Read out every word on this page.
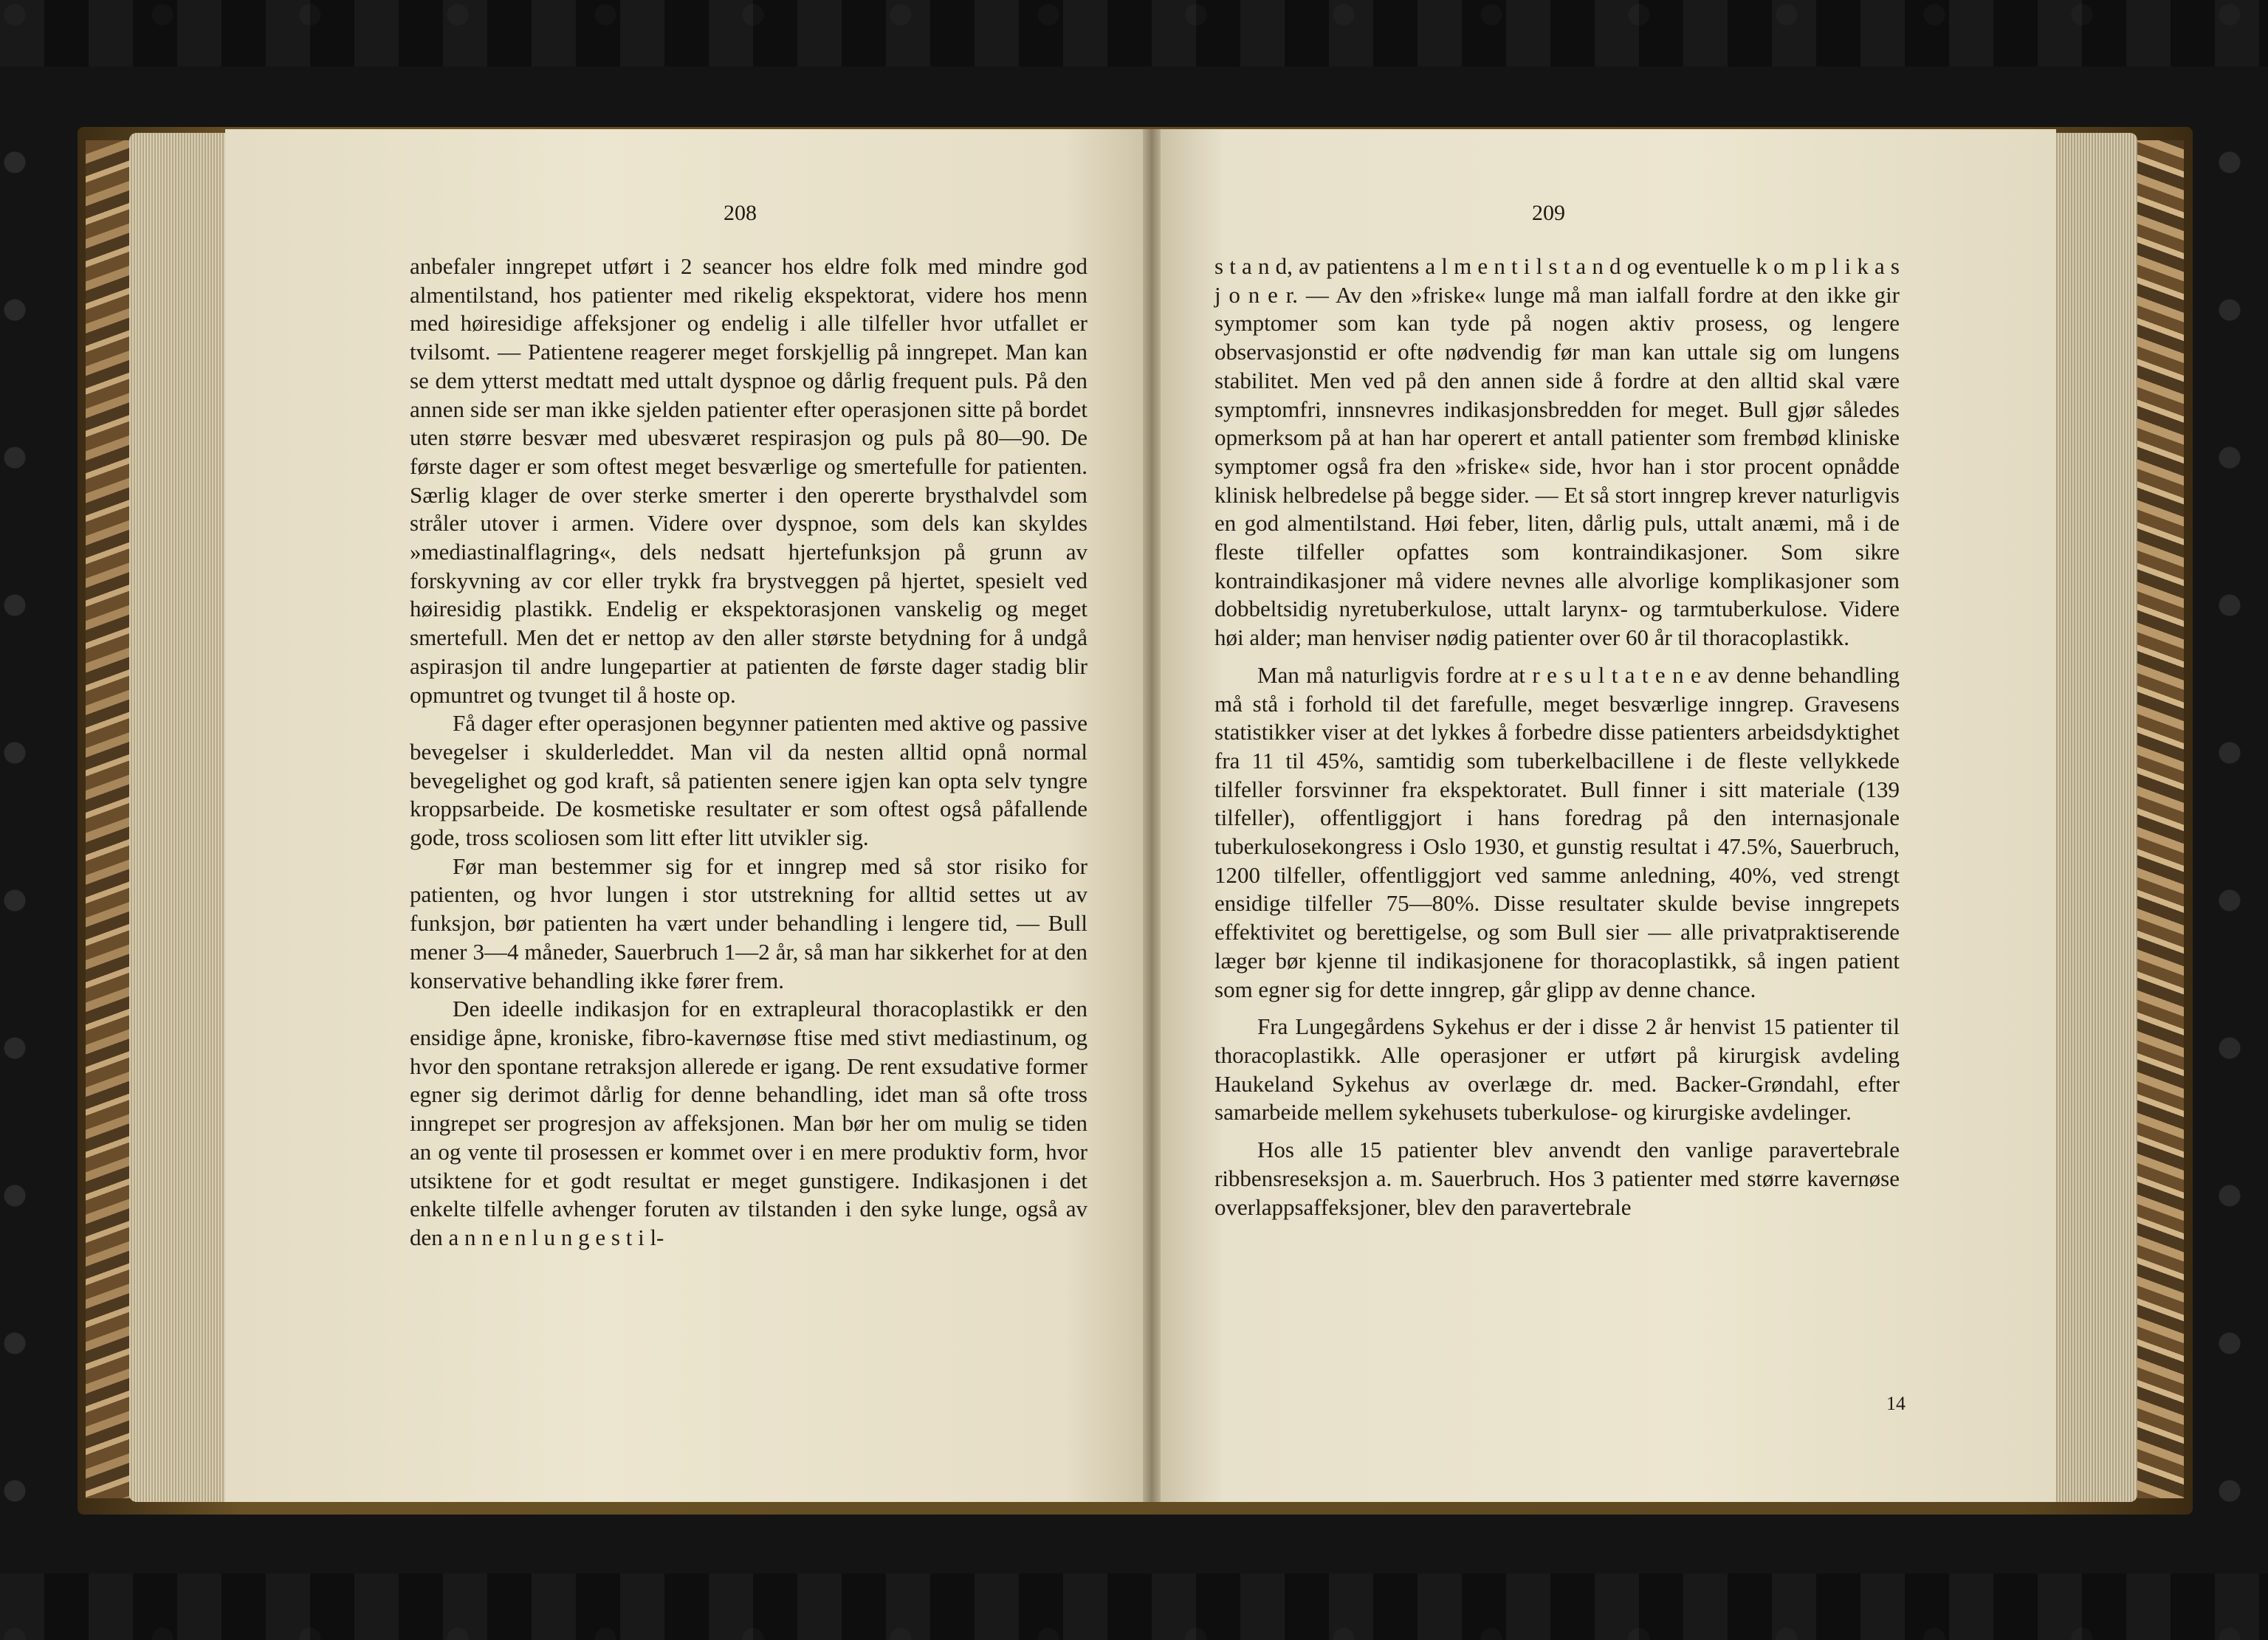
208	209

anbefaler inngrepet utført i 2 seancer hos eldre folk med mindre god almentilstand, hos patienter med rikelig ekspektorat, videre hos menn med høiresidige affeksjoner og endelig i alle tilfeller hvor utfallet er tvilsomt. — Patientene reagerer meget forskjellig på inngrepet. Man kan se dem ytterst medtatt med uttalt dyspnoe og dårlig frequent puls. På den annen side ser man ikke sjelden patienter efter operasjonen sitte på bordet uten større besvær med ubesværet respirasjon og puls på 80—90. De første dager er som oftest meget besværlige og smertefulle for patienten. Særlig klager de over sterke smerter i den opererte brysthalvdel som stråler utover i armen. Videre over dyspnoe, som dels kan skyldes »mediastinalflagring«, dels nedsatt hjertefunksjon på grunn av forskyvning av cor eller trykk fra brystveggen på hjertet, spesielt ved høiresidig plastikk. Endelig er ekspektorasjonen vanskelig og meget smertefull. Men det er nettop av den aller største betydning for å undgå aspirasjon til andre lungepartier at patienten de første dager stadig blir opmuntret og tvunget til å hoste op.

Få dager efter operasjonen begynner patienten med aktive og passive bevegelser i skulderleddet. Man vil da nesten alltid opnå normal bevegelighet og god kraft, så patienten senere igjen kan opta selv tyngre kroppsarbeide. De kosmetiske resultater er som oftest også påfallende gode, tross scoliosen som litt efter litt utvikler sig.

Før man bestemmer sig for et inngrep med så stor risiko for patienten, og hvor lungen i stor utstrekning for alltid settes ut av funksjon, bør patienten ha vært under behandling i lengere tid, — Bull mener 3—4 måneder, Sauerbruch 1—2 år, så man har sikkerhet for at den konservative behandling ikke fører frem.

Den ideelle indikasjon for en extrapleural thoracoplastikk er den ensidige åpne, kroniske, fibro-kavernøse ftise med stivt mediastinum, og hvor den spontane retraksjon allerede er igang. De rent exsudative former egner sig derimot dårlig for denne behandling, idet man så ofte tross inngrepet ser progresjon av affeksjonen. Man bør her om mulig se tiden an og vente til prosessen er kommet over i en mere produktiv form, hvor utsiktene for et godt resultat er meget gunstigere. Indikasjonen i det enkelte tilfelle avhenger foruten av tilstanden i den syke lunge, også av den a n n e n l u n g e s t i l-

s t a n d, av patientens a l m e n t i l s t a n d og eventuelle k o m p l i k a s j o n e r. — Av den »friske« lunge må man ialfall fordre at den ikke gir symptomer som kan tyde på nogen aktiv prosess, og lengere observasjonstid er ofte nødvendig før man kan uttale sig om lungens stabilitet. Men ved på den annen side å fordre at den alltid skal være symptomfri, innsnevres indikasjonsbredden for meget. Bull gjør således opmerksom på at han har operert et antall patienter som frembød kliniske symptomer også fra den »friske« side, hvor han i stor procent opnådde klinisk helbredelse på begge sider. — Et så stort inngrep krever naturligvis en god almentilstand. Høi feber, liten, dårlig puls, uttalt anæmi, må i de fleste tilfeller opfattes som kontraindikasjoner. Som sikre kontraindikasjoner må videre nevnes alle alvorlige komplikasjoner som dobbeltsidig nyretuberkulose, uttalt larynx- og tarmtuberkulose. Videre høi alder; man henviser nødig patienter over 60 år til thoracoplastikk.

Man må naturligvis fordre at r e s u l t a t e n e av denne behandling må stå i forhold til det farefulle, meget besværlige inngrep. Gravesens statistikker viser at det lykkes å forbedre disse patienters arbeidsdyktighet fra 11 til 45%, samtidig som tuberkelbacillene i de fleste vellykkede tilfeller forsvinner fra ekspektoratet. Bull finner i sitt materiale (139 tilfeller), offentliggjort i hans foredrag på den internasjonale tuberkulosekongress i Oslo 1930, et gunstig resultat i 47.5%, Sauerbruch, 1200 tilfeller, offentliggjort ved samme anledning, 40%, ved strengt ensidige tilfeller 75—80%. Disse resultater skulde bevise inngrepets effektivitet og berettigelse, og som Bull sier — alle privatpraktiserende læger bør kjenne til indikasjonene for thoracoplastikk, så ingen patient som egner sig for dette inngrep, går glipp av denne chance.

Fra Lungegårdens Sykehus er der i disse 2 år henvist 15 patienter til thoracoplastikk. Alle operasjoner er utført på kirurgisk avdeling Haukeland Sykehus av overlæge dr. med. Backer-Grøndahl, efter samarbeide mellem sykehusets tuberkulose- og kirurgiske avdelinger.

Hos alle 15 patienter blev anvendt den vanlige paravertebrale ribbensreseksjon a. m. Sauerbruch. Hos 3 patienter med større kavernøse overlappsaffeksjoner, blev den paravertebrale

14
